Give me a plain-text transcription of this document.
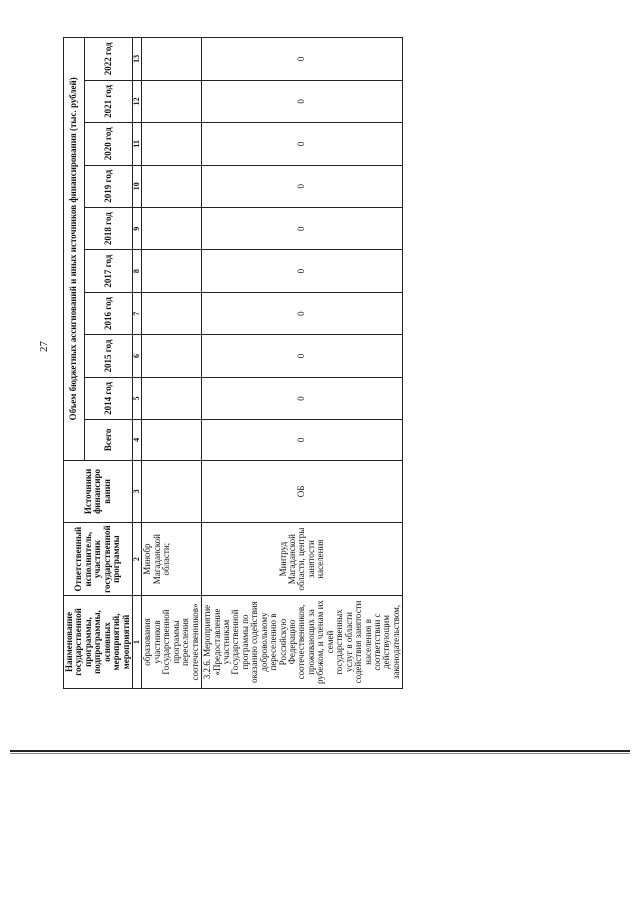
27
Наименование государственной программы, подпрограммы, основных мероприятий, мероприятий	Ответственный исполнитель, участник государственной программы	Источники финансиро вания	Объем бюджетных ассигнований и иных источников финансирования (тыс. рублей)									
			Всего	2014 год	2015 год	2016 год	2017 год	2018 год	2019 год	2020 год	2021 год	2022 год
1	2	3	4	5	6	7	8	9	10	11	12	13
образования участников Государственной программы переселения соотечественников»	Минобр Магаданской области;											
3.2.6. Мероприятие «Предоставление участникам Государственной программы по оказанию содействия добровольному переселению в Российскую Федерацию соотечественников, проживающих за рубежом, и членам их семей государственных услуг в области содействия занятости населения в соответствии с действующим законодательством,	Минтруд Магаданской области, центры занятости населения	ОБ	0	0	0	0	0	0	0	0	0	0
